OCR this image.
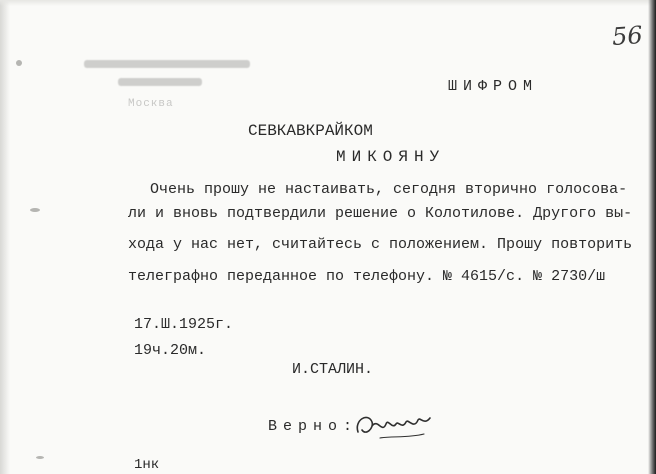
56
Москва
ШИФРОМ
СЕВКАВКРАЙКОМ
МИКОЯНУ
Очень прошу не настаивать, сегодня вторично голосова-
ли и вновь подтвердили решение о Колотилове. Другого вы-
хода у нас нет, считайтесь с положением. Прошу повторить
телеграфно переданное по телефону. № 4615/с. № 2730/ш
17.Ш.1925г.
19ч.20м.
И.СТАЛИН.
Верно:
1нк
